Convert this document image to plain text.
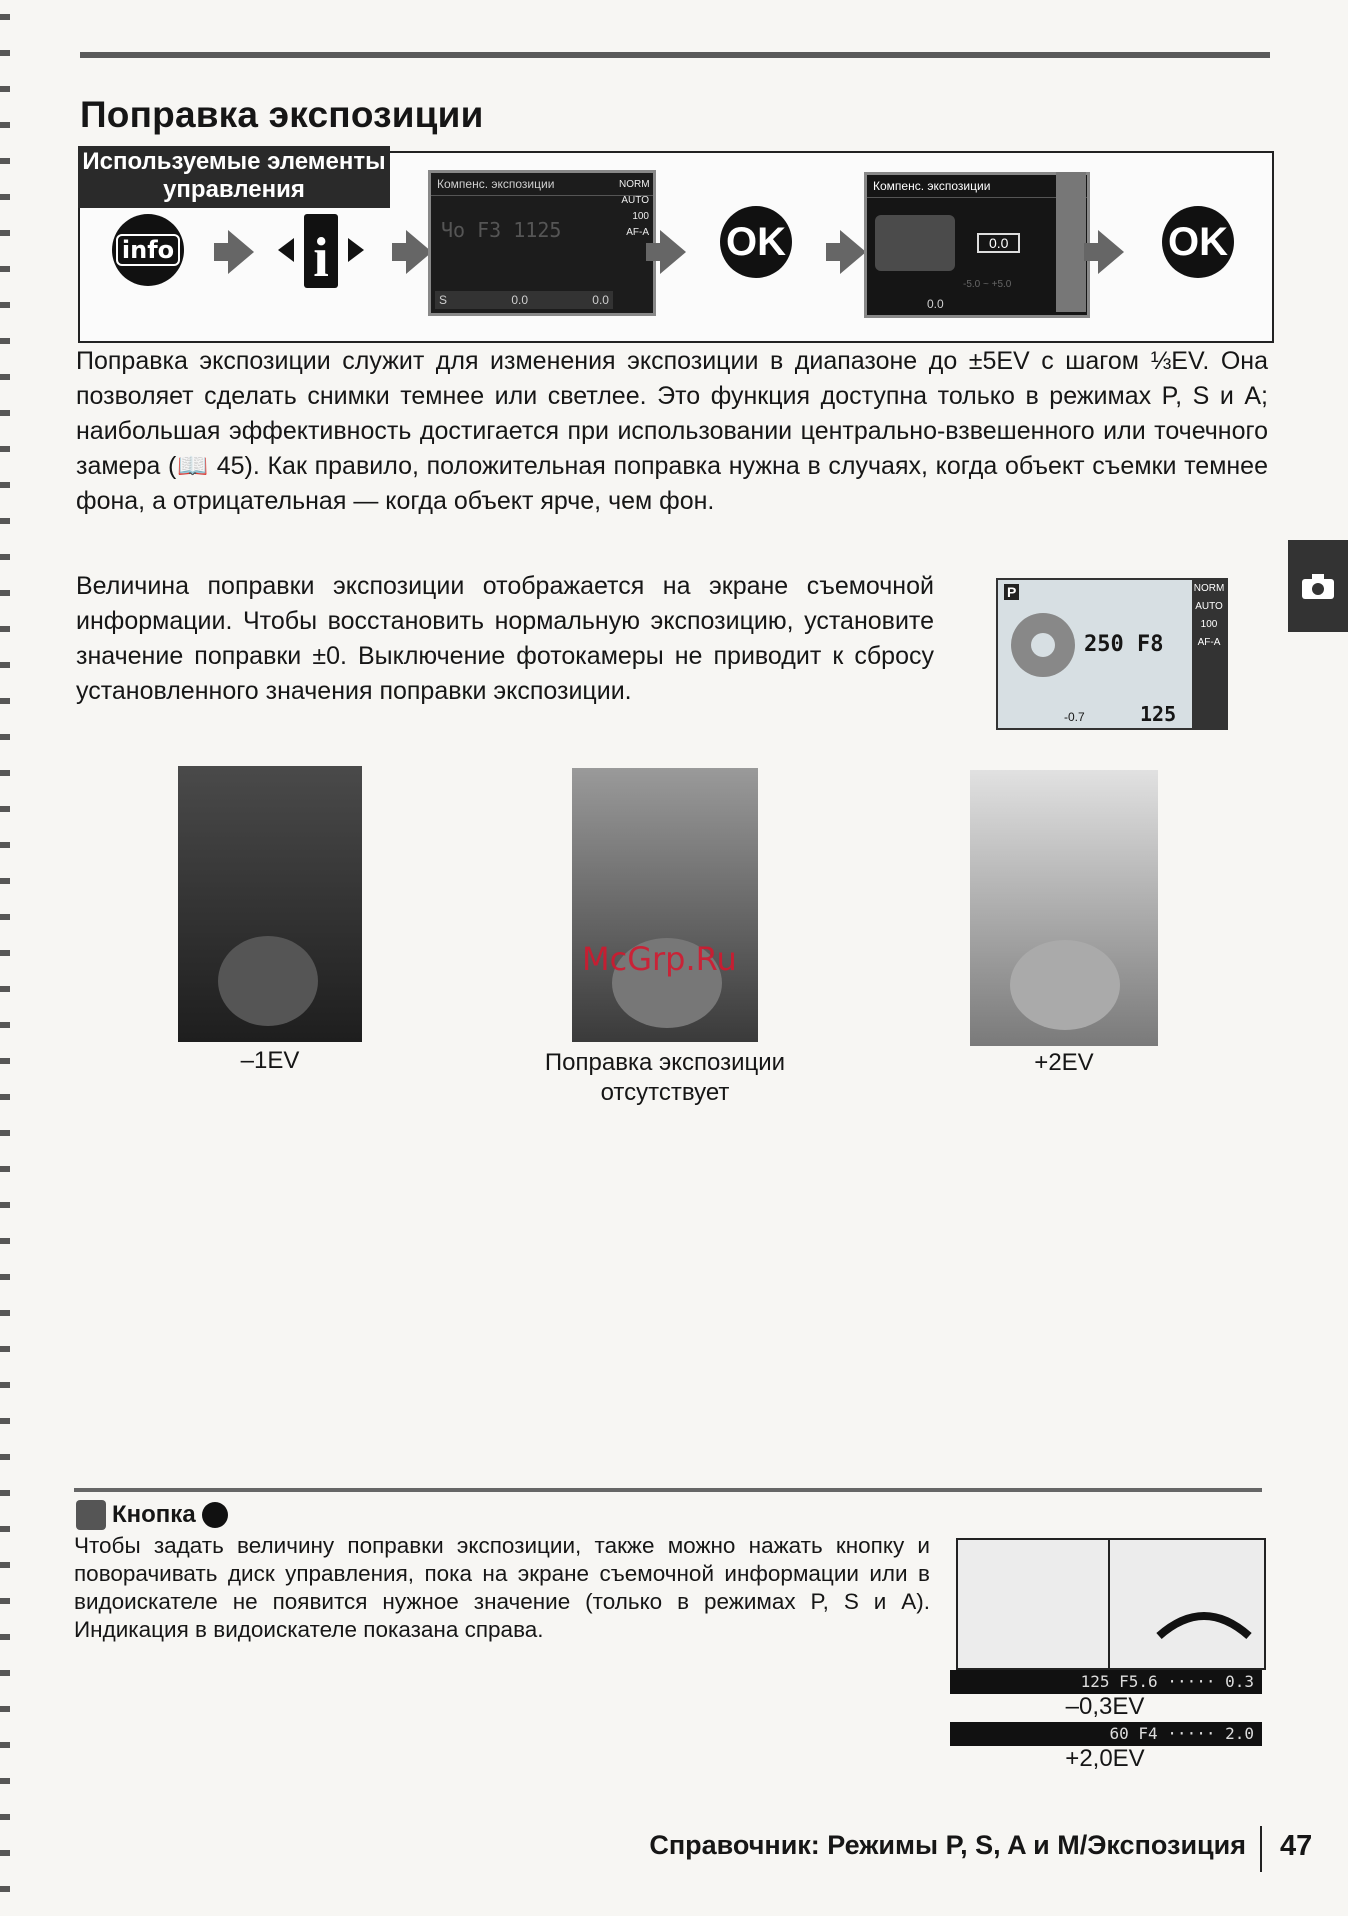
Поправка экспозиции
Используемые элементы управления
info i
Компенс. экспозиции
Чо F3 1125
NORM
AUTO
100
AF-A
S	0.0	0.0
OK
Компенс. экспозиции
0.0
-5.0 ~ +5.0
0.0
OK
Поправка экспозиции служит для изменения экспозиции в диапазоне до ±5EV с шагом ⅓EV. Она позволяет сделать снимки темнее или светлее. Это функция доступна только в режимах P, S и A; наибольшая эффективность достигается при использовании центрально-взвешенного или точечного замера (📖 45). Как правило, положительная поправка нужна в случаях, когда объект съемки темнее фона, а отрицательная — когда объект ярче, чем фон.
Величина поправки экспозиции отображается на экране съемочной информации. Чтобы восстановить нормальную экспозицию, установите значение поправки ±0. Выключение фотокамеры не приводит к сбросу установленного значения поправки экспозиции.
P
250 F8
-0.7	125
NORM
AUTO
100
AF-A
–1EV	Поправка экспозиции отсутствует
+2EV
McGrp.Ru
Кнопка
Чтобы задать величину поправки экспозиции, также можно нажать кнопку и поворачивать диск управления, пока на экране съемочной информации или в видоискателе не появится нужное значение (только в режимах P, S и A). Индикация в видоискателе показана справа.
125 F5.6 ····· 0.3
–0,3EV
60 F4 ····· 2.0
+2,0EV
Справочник: Режимы P, S, A и M/Экспозиция 47
